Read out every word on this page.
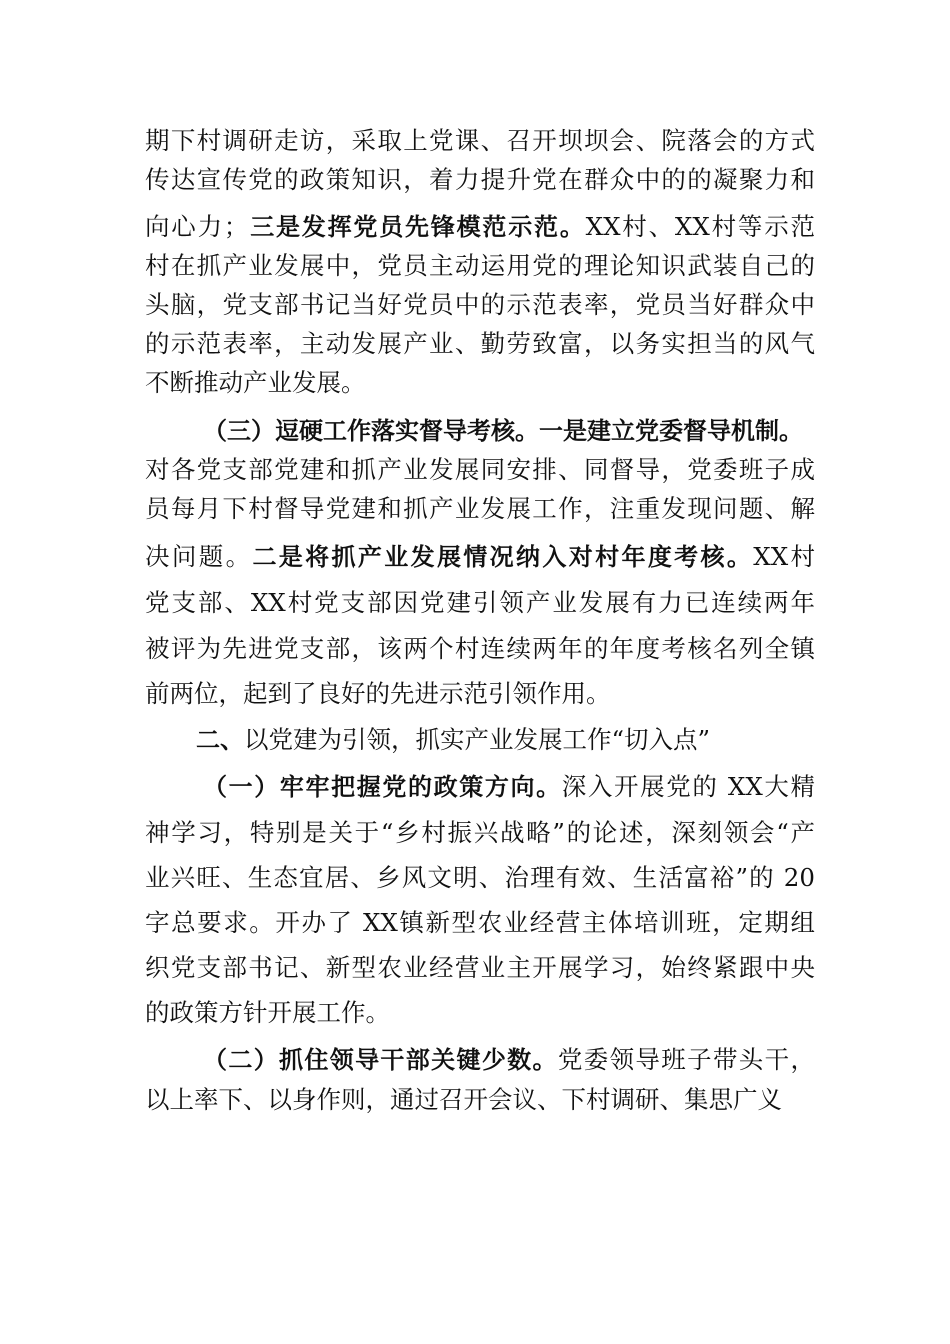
期下村调研走访，采取上党课、召开坝坝会、院落会的方式
传达宣传党的政策知识，着力提升党在群众中的的凝聚力和
向心力；三是发挥党员先锋模范示范。XX村、XX村等示范
村在抓产业发展中，党员主动运用党的理论知识武装自己的
头脑，党支部书记当好党员中的示范表率，党员当好群众中
的示范表率，主动发展产业、勤劳致富，以务实担当的风气
不断推动产业发展。
（三）逗硬工作落实督导考核。一是建立党委督导机制。
对各党支部党建和抓产业发展同安排、同督导，党委班子成
员每月下村督导党建和抓产业发展工作，注重发现问题、解
决问题。二是将抓产业发展情况纳入对村年度考核。XX村
党支部、XX村党支部因党建引领产业发展有力已连续两年
被评为先进党支部，该两个村连续两年的年度考核名列全镇
前两位，起到了良好的先进示范引领作用。
二、以党建为引领，抓实产业发展工作“切入点”
（一）牢牢把握党的政策方向。深入开展党的 XX大精
神学习，特别是关于“乡村振兴战略”的论述，深刻领会“产
业兴旺、生态宜居、乡风文明、治理有效、生活富裕”的 20
字总要求。开办了 XX镇新型农业经营主体培训班，定期组
织党支部书记、新型农业经营业主开展学习，始终紧跟中央
的政策方针开展工作。
（二）抓住领导干部关键少数。党委领导班子带头干，
以上率下、以身作则，通过召开会议、下村调研、集思广义
